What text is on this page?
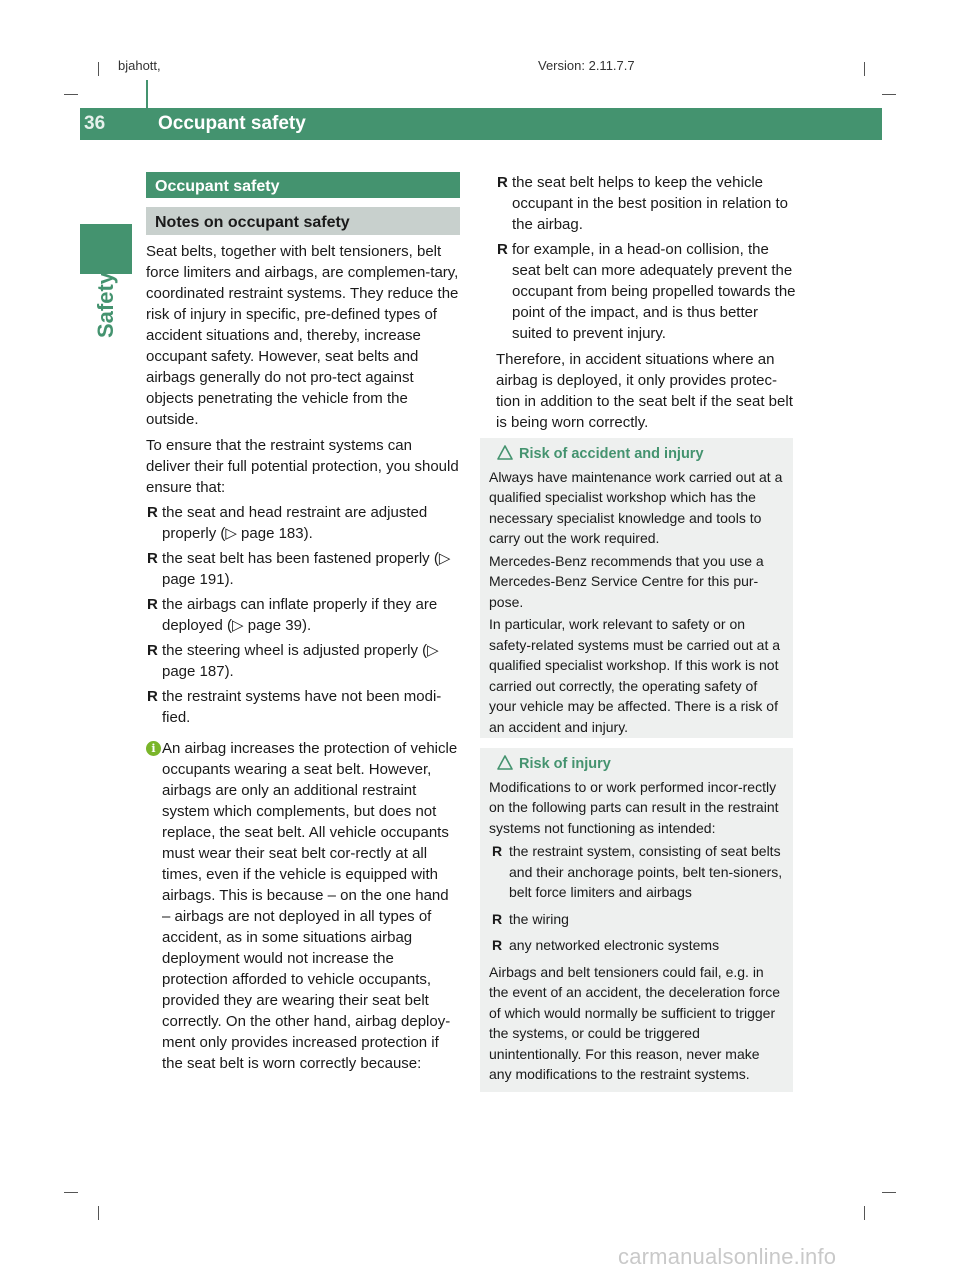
bjahott,	Version: 2.11.7.7
36	Occupant safety
Safety
Occupant safety
Notes on occupant safety

Seat belts, together with belt tensioners, belt force limiters and airbags, are complemen-tary, coordinated restraint systems. They reduce the risk of injury in specific, pre-defined types of accident situations and, thereby, increase occupant safety. However, seat belts and airbags generally do not pro-tect against objects penetrating the vehicle from the outside.

To ensure that the restraint systems can deliver their full potential protection, you should ensure that:

R the seat and head restraint are adjusted properly (▷ page 183).
R the seat belt has been fastened properly (▷ page 191).
R the airbags can inflate properly if they are deployed (▷ page 39).
R the steering wheel is adjusted properly (▷ page 187).
R the restraint systems have not been modi-fied.
i An airbag increases the protection of vehicle occupants wearing a seat belt. However, airbags are only an additional restraint system which complements, but does not replace, the seat belt. All vehicle occupants must wear their seat belt cor-rectly at all times, even if the vehicle is equipped with airbags. This is because – on the one hand – airbags are not deployed in all types of accident, as in some situations airbag deployment would not increase the protection afforded to vehicle occupants, provided they are wearing their seat belt correctly. On the other hand, airbag deploy-ment only provides increased protection if the seat belt is worn correctly because:
R the seat belt helps to keep the vehicle occupant in the best position in relation to the airbag.
R for example, in a head-on collision, the seat belt can more adequately prevent the occupant from being propelled towards the point of the impact, and is thus better suited to prevent injury.

Therefore, in accident situations where an airbag is deployed, it only provides protec-tion in addition to the seat belt if the seat belt is being worn correctly.

Risk of accident and injury

Always have maintenance work carried out at a qualified specialist workshop which has the necessary specialist knowledge and tools to carry out the work required.

Mercedes-Benz recommends that you use a Mercedes-Benz Service Centre for this pur-pose.

In particular, work relevant to safety or on safety-related systems must be carried out at a qualified specialist workshop. If this work is not carried out correctly, the operating safety of your vehicle may be affected. There is a risk of an accident and injury.

Risk of injury

Modifications to or work performed incor-rectly on the following parts can result in the restraint systems not functioning as intended:

R the restraint system, consisting of seat belts and their anchorage points, belt ten-sioners, belt force limiters and airbags
R the wiring
R any networked electronic systems

Airbags and belt tensioners could fail, e.g. in the event of an accident, the deceleration force of which would normally be sufficient to trigger the systems, or could be triggered unintentionally. For this reason, never make any modifications to the restraint systems.

carmanualsonline.info
